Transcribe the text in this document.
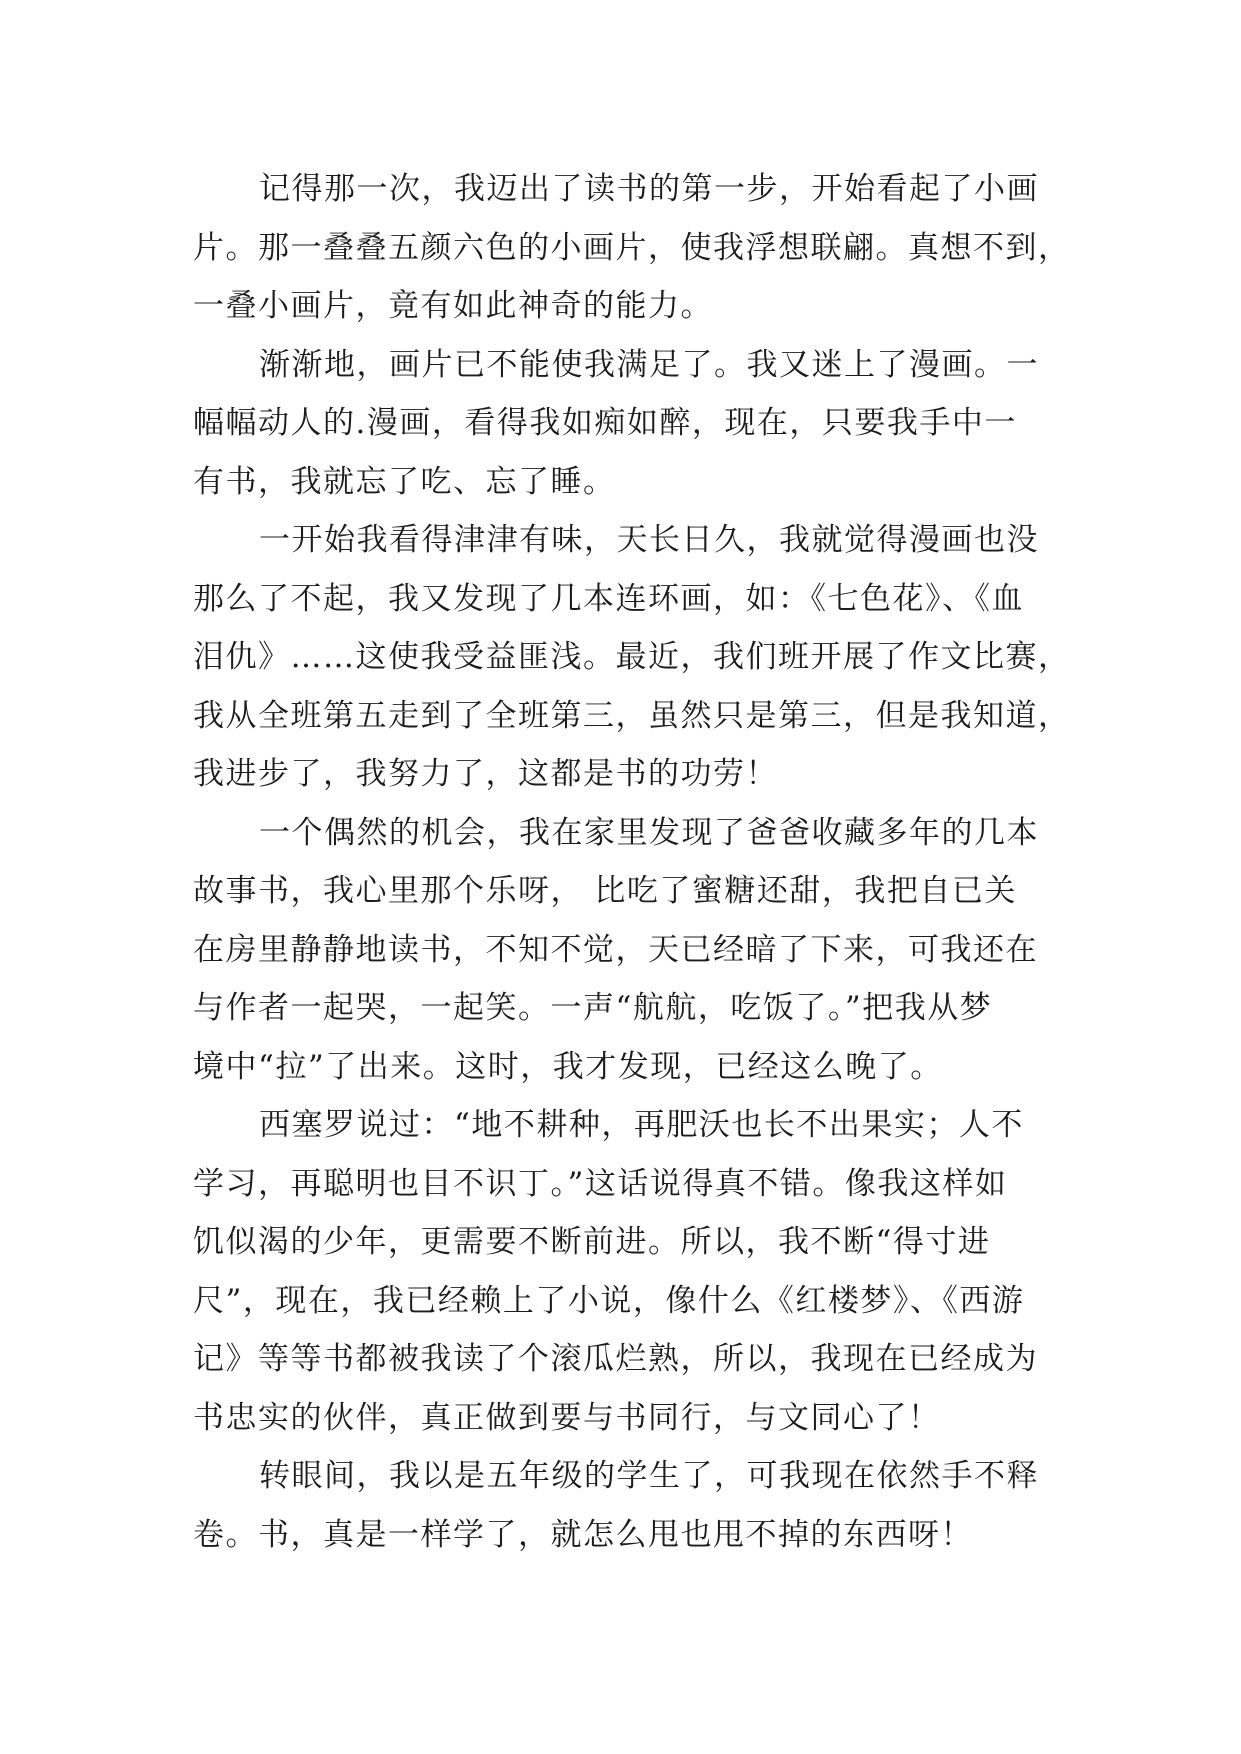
记得那一次，我迈出了读书的第一步，开始看起了小画
片。那一叠叠五颜六色的小画片，使我浮想联翩。真想不到，
一叠小画片，竟有如此神奇的能力。

渐渐地，画片已不能使我满足了。我又迷上了漫画。一
幅幅动人的.漫画，看得我如痴如醉，现在，只要我手中一
有书，我就忘了吃、忘了睡。

一开始我看得津津有味，天长日久，我就觉得漫画也没
那么了不起，我又发现了几本连环画，如：《七色花》、《血
泪仇》……这使我受益匪浅。最近，我们班开展了作文比赛，
我从全班第五走到了全班第三，虽然只是第三，但是我知道，
我进步了，我努力了，这都是书的功劳！

一个偶然的机会，我在家里发现了爸爸收藏多年的几本
故事书，我心里那个乐呀， 比吃了蜜糖还甜，我把自已关
在房里静静地读书，不知不觉，天已经暗了下来，可我还在
与作者一起哭，一起笑。一声“航航，吃饭了。”把我从梦
境中“拉”了出来。这时，我才发现，已经这么晚了。

西塞罗说过：“地不耕种，再肥沃也长不出果实；人不
学习，再聪明也目不识丁。”这话说得真不错。像我这样如
饥似渴的少年，更需要不断前进。所以，我不断“得寸进
尺”，现在，我已经赖上了小说，像什么《红楼梦》、《西游
记》等等书都被我读了个滚瓜烂熟，所以，我现在已经成为
书忠实的伙伴，真正做到要与书同行，与文同心了！

转眼间，我以是五年级的学生了，可我现在依然手不释
卷。书，真是一样学了，就怎么甩也甩不掉的东西呀！
